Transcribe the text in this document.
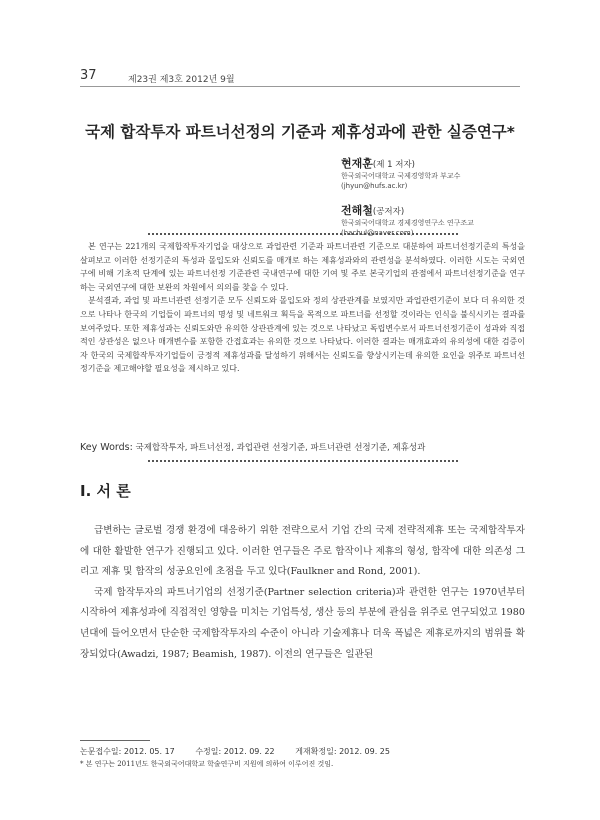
37	제23권 제3호 2012년 9월
국제 합작투자 파트너선정의 기준과 제휴성과에 관한 실증연구*
현재훈(제 1 저자)
한국외국어대학교 국제경영학과 부교수
(jhyun@hufs.ac.kr)
전해철(공저자)
한국외국어대학교 경제경영연구소 연구조교
(hachul@naver.com)

본 연구는 221개의 국제합작투자기업을 대상으로 과업관련 기준과 파트너관련 기준으로 대분하여 파트너선정기준의 특성을 살펴보고 이러한 선정기준의 특성과 몰입도와 신뢰도를 매개로 하는 제휴성과와의 관련성을 분석하였다. 이러한 시도는 국외연구에 비해 기초적 단계에 있는 파트너선정 기준관련 국내연구에 대한 기여 및 주로 본국기업의 관점에서 파트너선정기준을 연구하는 국외연구에 대한 보완의 차원에서 의의를 찾을 수 있다.

분석결과, 과업 및 파트너관련 선정기준 모두 신뢰도와 몰입도와 정의 상관관계를 보였지만 과업관련기준이 보다 더 유의한 것으로 나타나 한국의 기업들이 파트너의 명성 및 네트워크 획득을 목적으로 파트너를 선정할 것이라는 인식을 불식시키는 결과를 보여주었다. 또한 제휴성과는 신뢰도와만 유의한 상관관계에 있는 것으로 나타났고 독립변수로서 파트너선정기준이 성과와 직접적인 상관성은 없으나 매개변수를 포함한 간접효과는 유의한 것으로 나타났다. 이러한 결과는 매개효과의 유의성에 대한 검증이자 한국의 국제합작투자기업들이 긍정적 제휴성과를 달성하기 위해서는 신뢰도를 향상시키는데 유의한 요인을 위주로 파트너선정기준을 제고해야할 필요성을 제시하고 있다.

Key Words: 국제합작투자, 파트너선정, 과업관련 선정기준, 파트너관련 선정기준, 제휴성과
Ⅰ. 서 론

급변하는 글로벌 경쟁 환경에 대응하기 위한 전략으로서 기업 간의 국제 전략적제휴 또는 국제합작투자에 대한 활발한 연구가 진행되고 있다. 이러한 연구들은 주로 합작이나 제휴의 형성, 합작에 대한 의존성 그리고 제휴 및 합작의 성공요인에 초점을 두고 있다(Faulkner and Rond, 2001).

국제 합작투자의 파트너기업의 선정기준(Partner selection criteria)과 관련한 연구는 1970년부터 시작하여 제휴성과에 직접적인 영향을 미치는 기업특성, 생산 등의 부분에 관심을 위주로 연구되었고 1980년대에 들어오면서 단순한 국제합작투자의 수준이 아니라 기술제휴나 더욱 폭넓은 제휴로까지의 범위를 확장되었다(Awadzi, 1987; Beamish, 1987). 이전의 연구들은 일관된

논문접수일: 2012. 05. 17	수정일: 2012. 09. 22	게재확정일: 2012. 09. 25
* 본 연구는 2011년도 한국외국어대학교 학술연구비 지원에 의하여 이루어진 것임.
